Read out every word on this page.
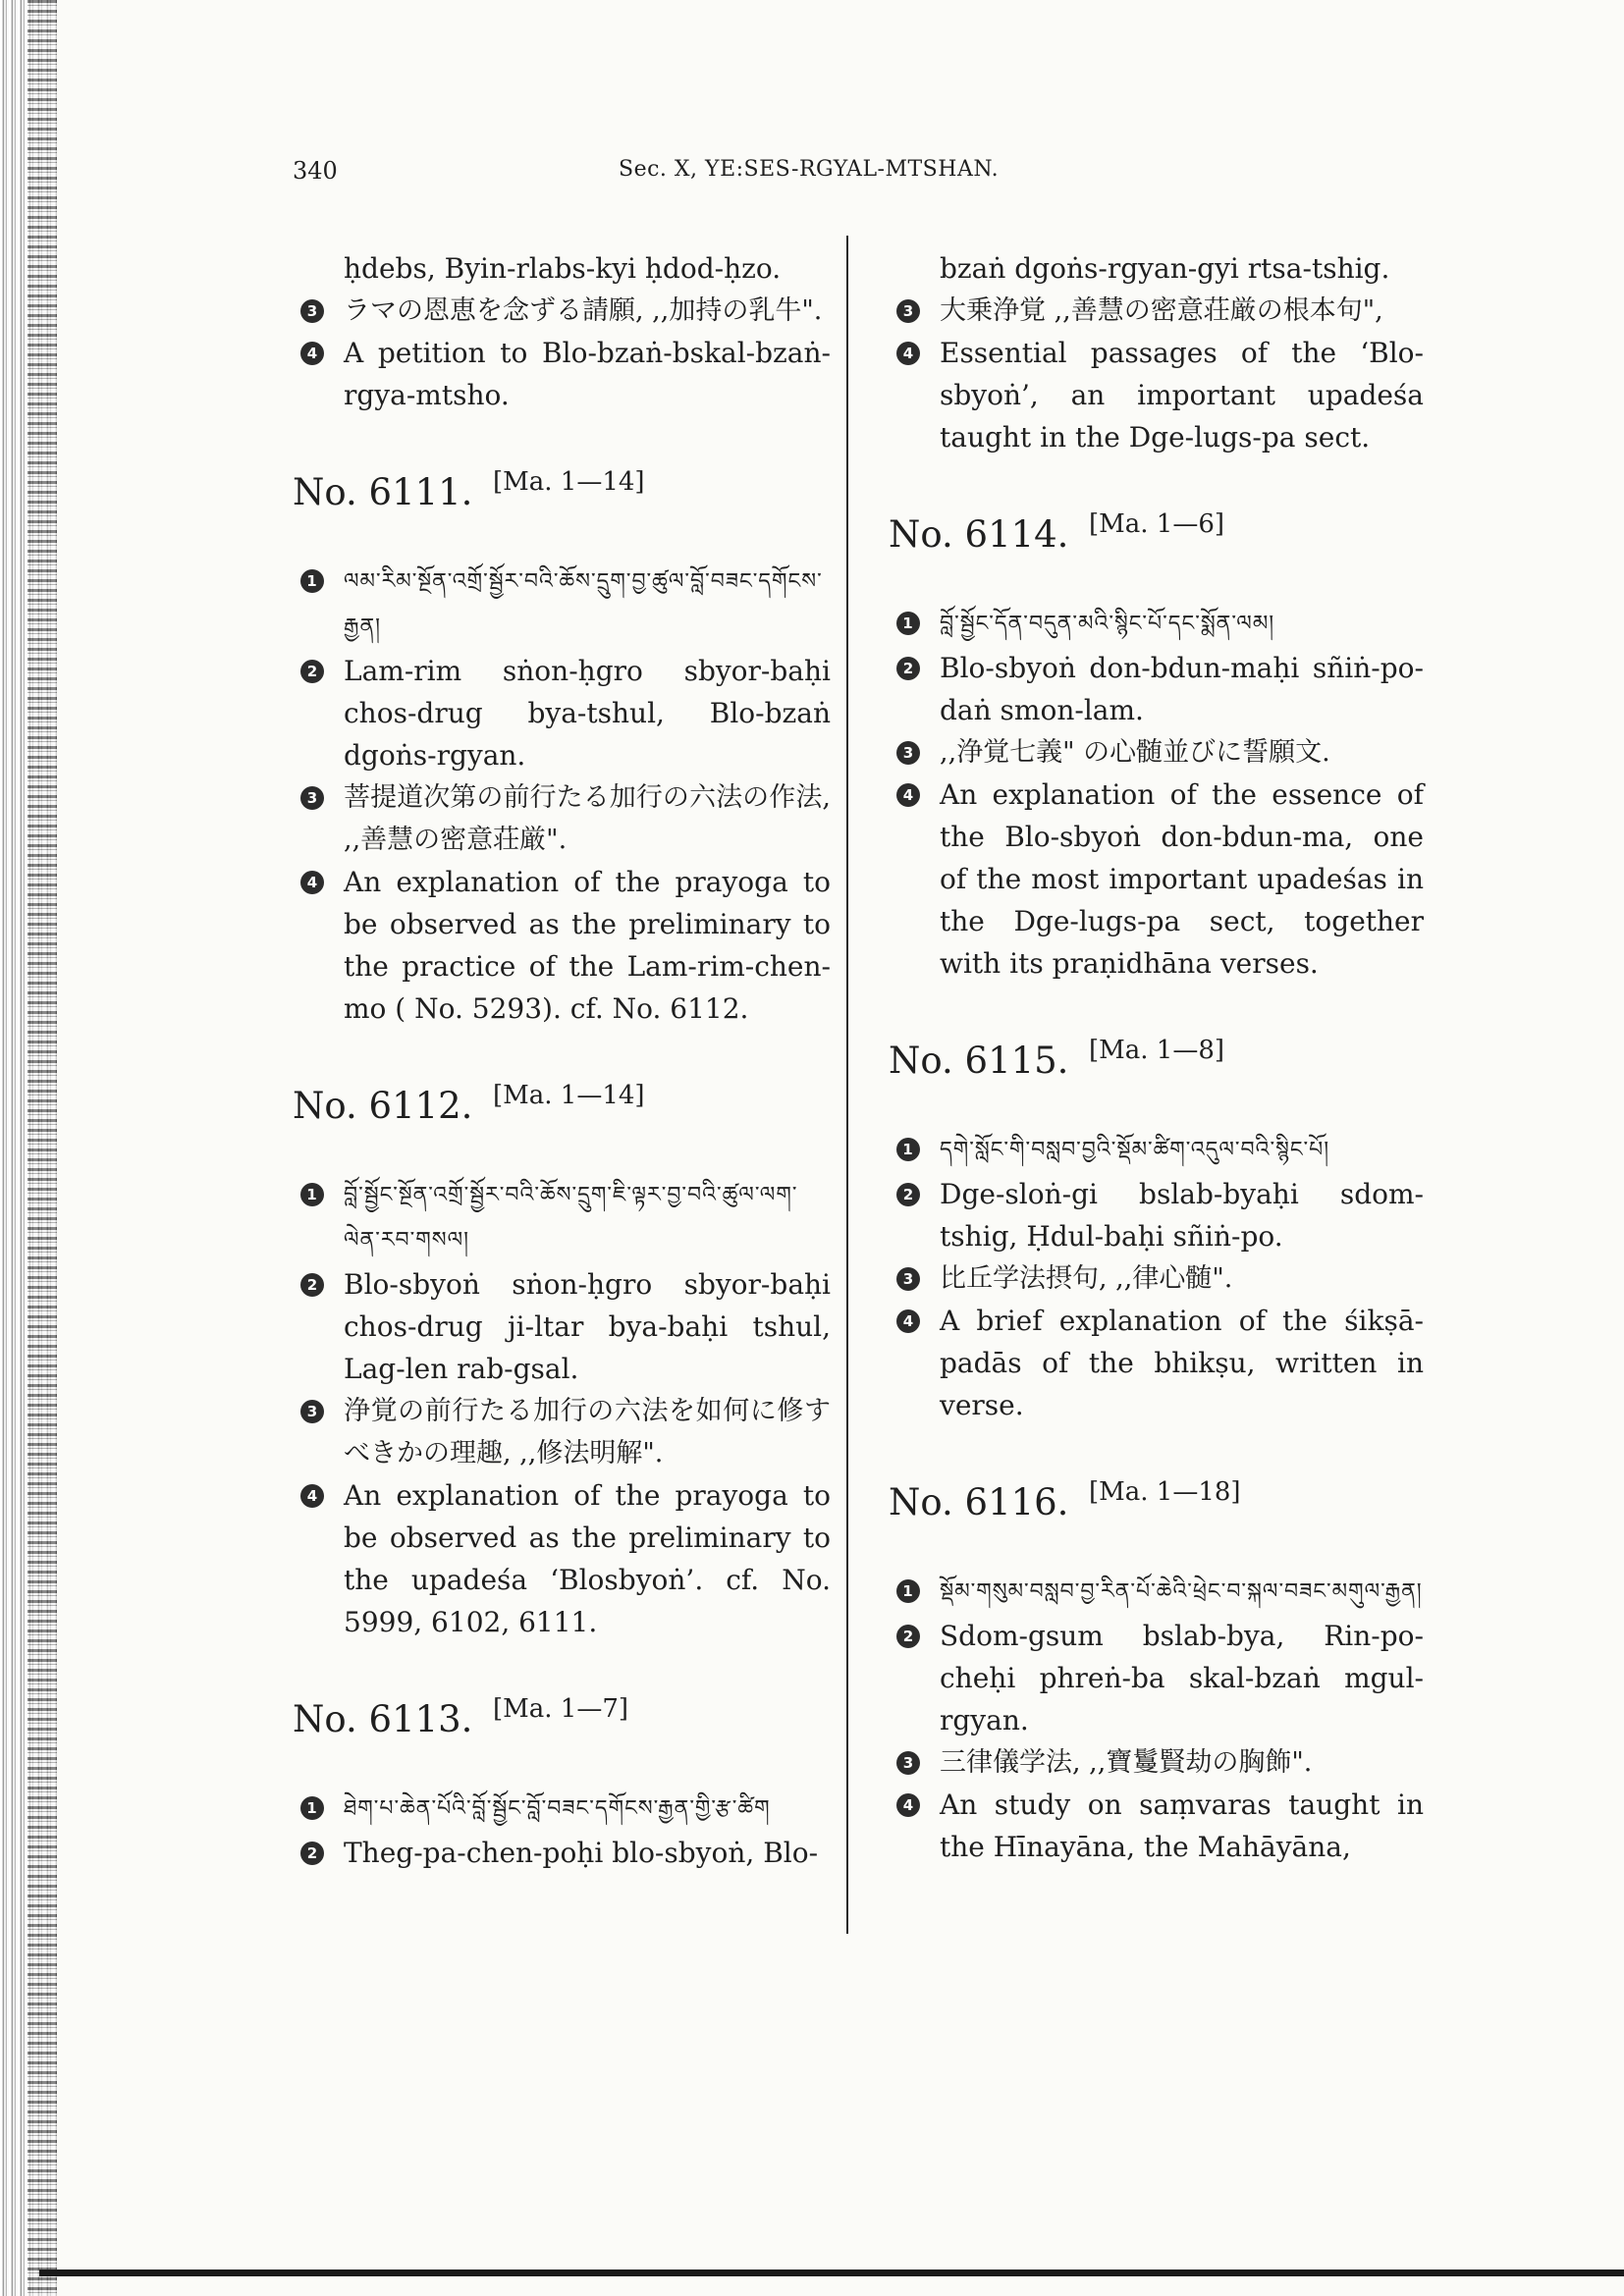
340	Sec. X, YE:SES-RGYAL-MTSHAN.
ḥdebs, Byin-rlabs-kyi ḥdod-ḥzo.
3 ラマの恩恵を念ずる請願, ,,加持の乳牛".
4 A petition to Blo-bzaṅ-bskal-bzaṅ-rgya-mtsho.
No. 6111. [Ma. 1—14]
1 ལམ་རིམ་སྔོན་འགྲོ་སྦྱོར་བའི་ཆོས་དྲུག་བྱ་ཚུལ་བློ་བཟང་དགོངས་རྒྱན།
2 Lam-rim sṅon-ḥgro sbyor-baḥi chos-drug bya-tshul, Blo-bzaṅ dgoṅs-rgyan.
3 菩提道次第の前行たる加行の六法の作法, ,,善慧の密意荘厳".
4 An explanation of the prayoga to be observed as the preliminary to the practice of the Lam-rim-chen-mo ( No. 5293). cf. No. 6112.
No. 6112. [Ma. 1—14]
1 བློ་སྦྱོང་སྔོན་འགྲོ་སྦྱོར་བའི་ཆོས་དྲུག་ཇི་ལྟར་བྱ་བའི་ཚུལ་ལག་ལེན་རབ་གསལ།
2 Blo-sbyoṅ sṅon-ḥgro sbyor-baḥi chos-drug ji-ltar bya-baḥi tshul, Lag-len rab-gsal.
3 浄覚の前行たる加行の六法を如何に修すべきかの理趣, ,,修法明解".
4 An explanation of the prayoga to be observed as the preliminary to the upadeśa ‘Blosbyoṅ’. cf. No. 5999, 6102, 6111.
No. 6113. [Ma. 1—7]
1 ཐེག་པ་ཆེན་པོའི་བློ་སྦྱོང་བློ་བཟང་དགོངས་རྒྱན་གྱི་རྩ་ཚིག
2 Theg-pa-chen-poḥi blo-sbyoṅ, Blo-
bzaṅ dgoṅs-rgyan-gyi rtsa-tshig.
3 大乗浄覚 ,,善慧の密意荘厳の根本句",
4 Essential passages of the ‘Blo-sbyoṅ’, an important upadeśa taught in the Dge-lugs-pa sect.
No. 6114. [Ma. 1—6]
1 བློ་སྦྱོང་དོན་བདུན་མའི་སྙིང་པོ་དང་སྨོན་ལམ།
2 Blo-sbyoṅ don-bdun-maḥi sñiṅ-po-daṅ smon-lam.
3 ,,浄覚七義" の心髄並びに誓願文.
4 An explanation of the essence of the Blo-sbyoṅ don-bdun-ma, one of the most important upadeśas in the Dge-lugs-pa sect, together with its praṇidhāna verses.
No. 6115. [Ma. 1—8]
1 དགེ་སློང་གི་བསླབ་བྱའི་སྡོམ་ཚིག་འདུལ་བའི་སྙིང་པོ།
2 Dge-sloṅ-gi bslab-byaḥi sdom-tshig, Ḥdul-baḥi sñiṅ-po.
3 比丘学法摂句, ,,律心髄".
4 A brief explanation of the śikṣā-padās of the bhikṣu, written in verse.
No. 6116. [Ma. 1—18]
1 སྡོམ་གསུམ་བསླབ་བྱ་རིན་པོ་ཆེའི་ཕྲེང་བ་སྐལ་བཟང་མགུལ་རྒྱན།
2 Sdom-gsum bslab-bya, Rin-po-cheḥi phreṅ-ba skal-bzaṅ mgul-rgyan.
3 三律儀学法, ,,寶鬘賢劫の胸飾".
4 An study on saṃvaras taught in the Hīnayāna, the Mahāyāna,
